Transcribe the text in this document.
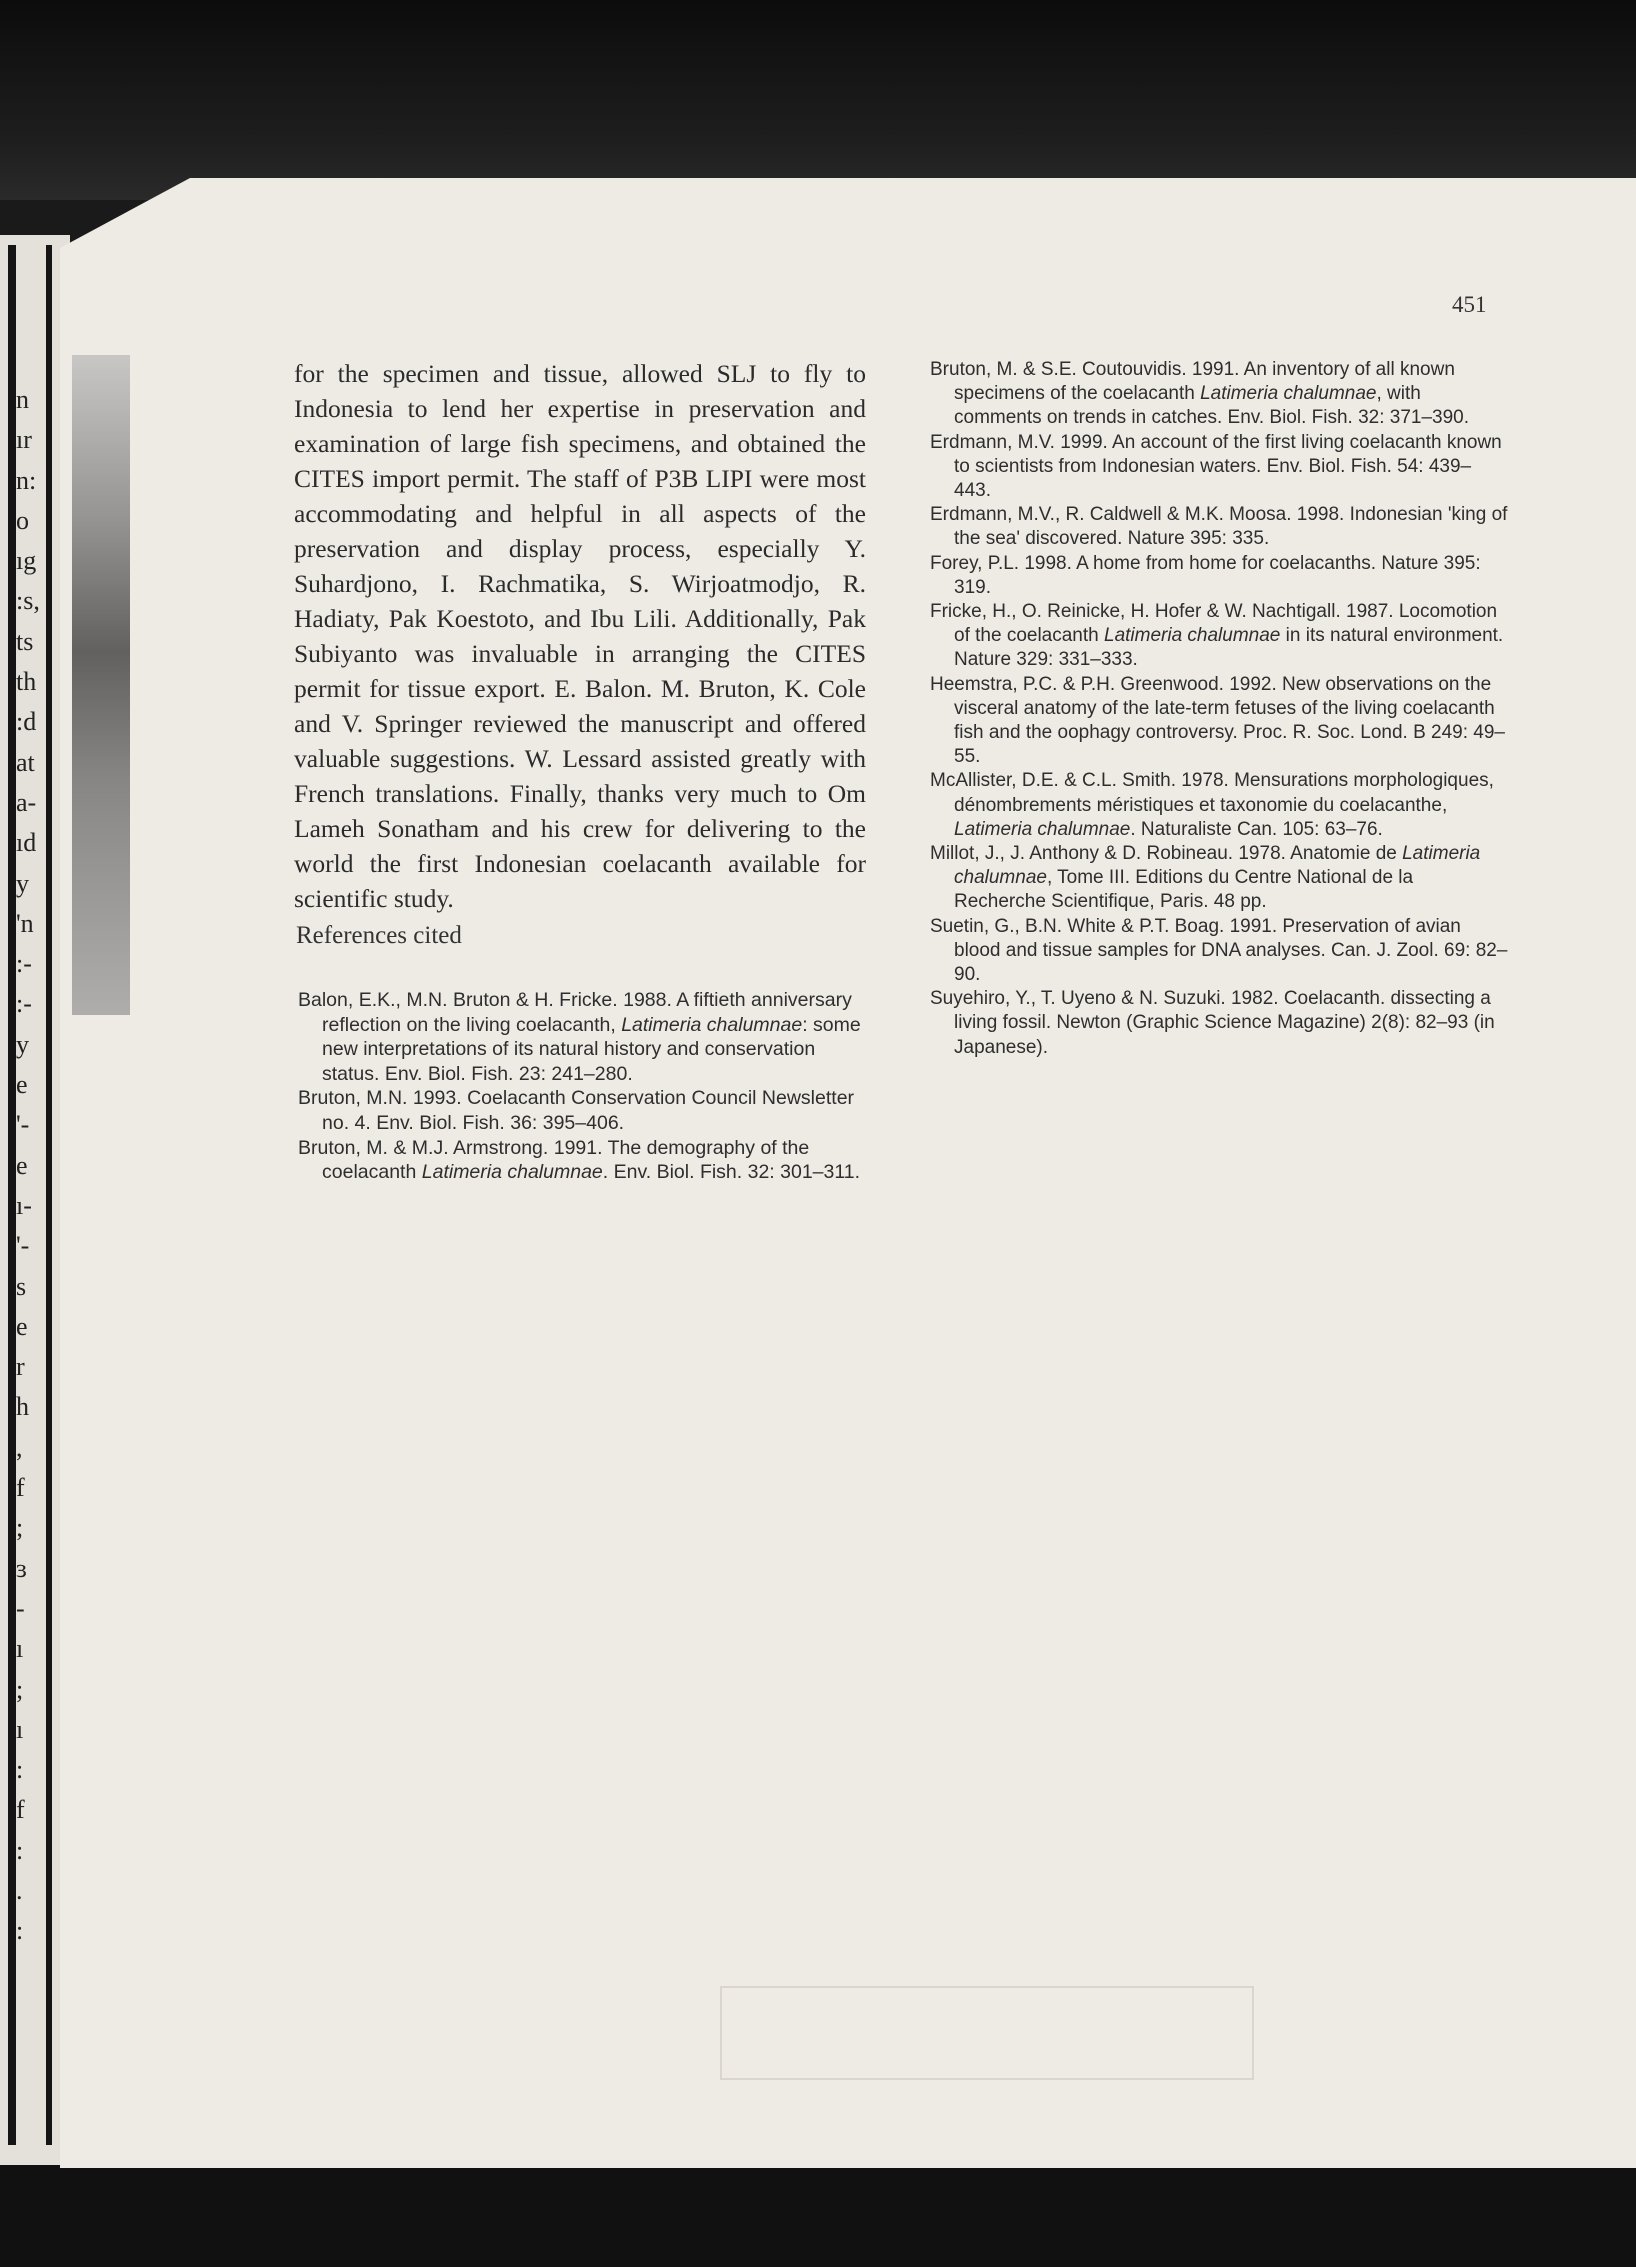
n
ır
n:
o
ıg
:s,
ts
th
:d
at
a-
ıd
y
'n
:-
:-
y
e
'-
e
ı-
'-
s
e
r
h
,
f
;
ɜ
-
ı
;
ı
:
f
:
.
:
451

for the specimen and tissue, allowed SLJ to fly to Indonesia to lend her expertise in preservation and examination of large fish specimens, and obtained the CITES import permit. The staff of P3B LIPI were most accommodating and helpful in all aspects of the preservation and display process, especially Y. Suhardjono, I. Rachmatika, S. Wirjoatmodjo, R. Hadiaty, Pak Koestoto, and Ibu Lili. Additionally, Pak Subiyanto was invaluable in arranging the CITES permit for tissue export. E. Balon. M. Bruton, K. Cole and V. Springer reviewed the manuscript and offered valuable suggestions. W. Lessard assisted greatly with French translations. Finally, thanks very much to Om Lameh Sonatham and his crew for delivering to the world the first Indonesian coelacanth available for scientific study.

References cited

Balon, E.K., M.N. Bruton & H. Fricke. 1988. A fiftieth anniversary reflection on the living coelacanth, Latimeria chalumnae: some new interpretations of its natural history and conservation status. Env. Biol. Fish. 23: 241–280.

Bruton, M.N. 1993. Coelacanth Conservation Council Newsletter no. 4. Env. Biol. Fish. 36: 395–406.

Bruton, M. & M.J. Armstrong. 1991. The demography of the coelacanth Latimeria chalumnae. Env. Biol. Fish. 32: 301–311.

Bruton, M. & S.E. Coutouvidis. 1991. An inventory of all known specimens of the coelacanth Latimeria chalumnae, with comments on trends in catches. Env. Biol. Fish. 32: 371–390.

Erdmann, M.V. 1999. An account of the first living coelacanth known to scientists from Indonesian waters. Env. Biol. Fish. 54: 439–443.

Erdmann, M.V., R. Caldwell & M.K. Moosa. 1998. Indonesian 'king of the sea' discovered. Nature 395: 335.

Forey, P.L. 1998. A home from home for coelacanths. Nature 395: 319.

Fricke, H., O. Reinicke, H. Hofer & W. Nachtigall. 1987. Locomotion of the coelacanth Latimeria chalumnae in its natural environment. Nature 329: 331–333.

Heemstra, P.C. & P.H. Greenwood. 1992. New observations on the visceral anatomy of the late-term fetuses of the living coelacanth fish and the oophagy controversy. Proc. R. Soc. Lond. B 249: 49–55.

McAllister, D.E. & C.L. Smith. 1978. Mensurations morphologiques, dénombrements méristiques et taxonomie du coelacanthe, Latimeria chalumnae. Naturaliste Can. 105: 63–76.

Millot, J., J. Anthony & D. Robineau. 1978. Anatomie de Latimeria chalumnae, Tome III. Editions du Centre National de la Recherche Scientifique, Paris. 48 pp.

Suetin, G., B.N. White & P.T. Boag. 1991. Preservation of avian blood and tissue samples for DNA analyses. Can. J. Zool. 69: 82–90.

Suyehiro, Y., T. Uyeno & N. Suzuki. 1982. Coelacanth. dissecting a living fossil. Newton (Graphic Science Magazine) 2(8): 82–93 (in Japanese).
